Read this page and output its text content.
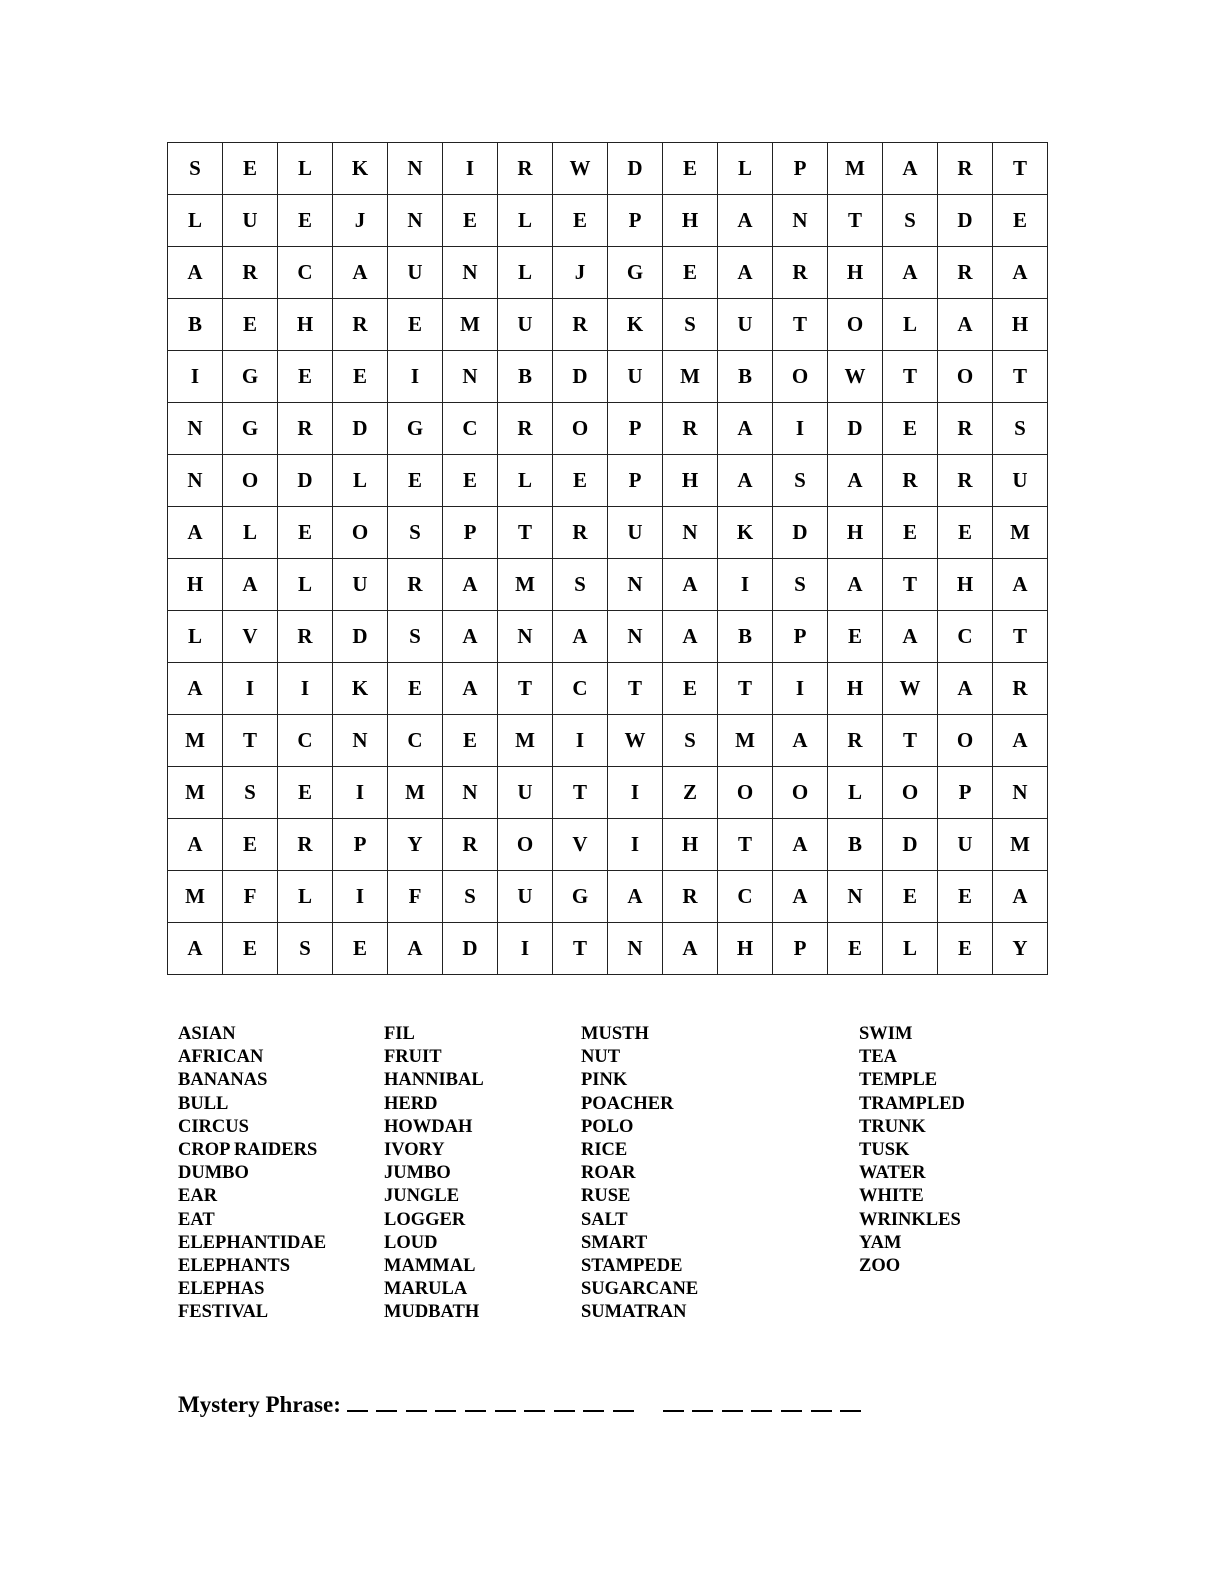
S	E	L	K	N	I	R	W	D	E	L	P	M	A	R	T
L	U	E	J	N	E	L	E	P	H	A	N	T	S	D	E
A	R	C	A	U	N	L	J	G	E	A	R	H	A	R	A
B	E	H	R	E	M	U	R	K	S	U	T	O	L	A	H
I	G	E	E	I	N	B	D	U	M	B	O	W	T	O	T
N	G	R	D	G	C	R	O	P	R	A	I	D	E	R	S
N	O	D	L	E	E	L	E	P	H	A	S	A	R	R	U
A	L	E	O	S	P	T	R	U	N	K	D	H	E	E	M
H	A	L	U	R	A	M	S	N	A	I	S	A	T	H	A
L	V	R	D	S	A	N	A	N	A	B	P	E	A	C	T
A	I	I	K	E	A	T	C	T	E	T	I	H	W	A	R
M	T	C	N	C	E	M	I	W	S	M	A	R	T	O	A
M	S	E	I	M	N	U	T	I	Z	O	O	L	O	P	N
A	E	R	P	Y	R	O	V	I	H	T	A	B	D	U	M
M	F	L	I	F	S	U	G	A	R	C	A	N	E	E	A
A	E	S	E	A	D	I	T	N	A	H	P	E	L	E	Y
ASIAN
AFRICAN
BANANAS
BULL
CIRCUS
CROP RAIDERS
DUMBO
EAR
EAT
ELEPHANTIDAE
ELEPHANTS
ELEPHAS
FESTIVAL
FIL
FRUIT
HANNIBAL
HERD
HOWDAH
IVORY
JUMBO
JUNGLE
LOGGER
LOUD
MAMMAL
MARULA
MUDBATH
MUSTH
NUT
PINK
POACHER
POLO
RICE
ROAR
RUSE
SALT
SMART
STAMPEDE
SUGARCANE
SUMATRAN
SWIM
TEA
TEMPLE
TRAMPLED
TRUNK
TUSK
WATER
WHITE
WRINKLES
YAM
ZOO
Mystery Phrase:
